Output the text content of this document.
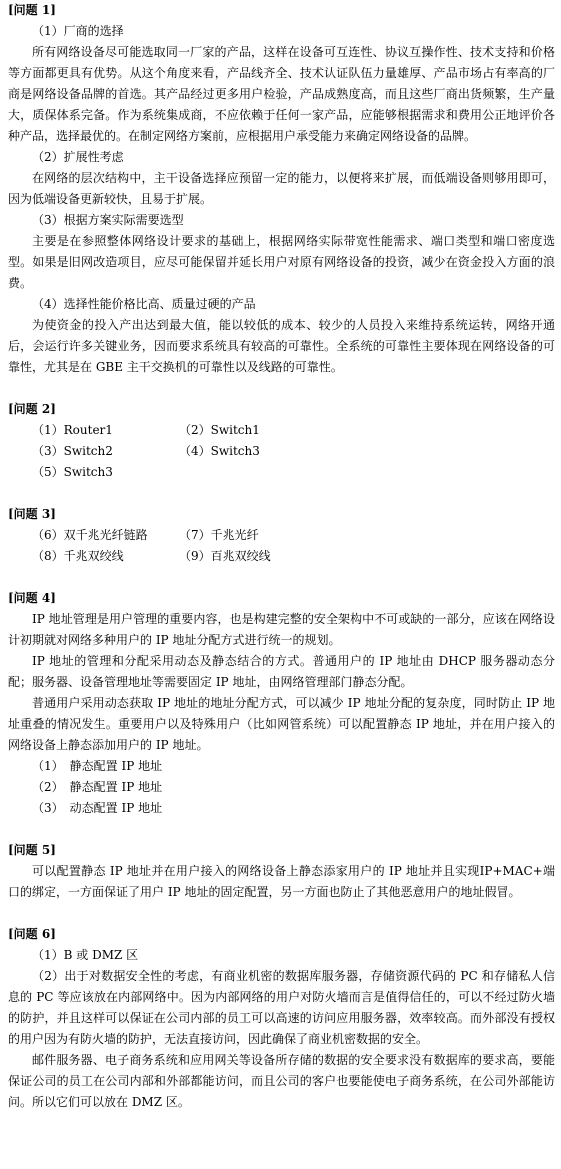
[问题 1]
（1）厂商的选择

所有网络设备尽可能选取同一厂家的产品，这样在设备可互连性、协议互操作性、技术支持和价格等方面都更具有优势。从这个角度来看，产品线齐全、技术认证队伍力量雄厚、产品市场占有率高的厂商是网络设备品牌的首选。其产品经过更多用户检验，产品成熟度高，而且这些厂商出货频繁，生产量大，质保体系完备。作为系统集成商，不应依赖于任何一家产品，应能够根据需求和费用公正地评价各种产品，选择最优的。在制定网络方案前，应根据用户承受能力来确定网络设备的品牌。

（2）扩展性考虑

在网络的层次结构中，主干设备选择应预留一定的能力，以便将来扩展，而低端设备则够用即可，因为低端设备更新较快，且易于扩展。

（3）根据方案实际需要选型

主要是在参照整体网络设计要求的基础上，根据网络实际带宽性能需求、端口类型和端口密度选型。如果是旧网改造项目，应尽可能保留并延长用户对原有网络设备的投资，减少在资金投入方面的浪费。

（4）选择性能价格比高、质量过硬的产品

为使资金的投入产出达到最大值，能以较低的成本、较少的人员投入来维持系统运转，网络开通后，会运行许多关键业务，因而要求系统具有较高的可靠性。全系统的可靠性主要体现在网络设备的可靠性，尤其是在 GBE 主干交换机的可靠性以及线路的可靠性。

[问题 2]
（1）Router1	（2）Switch1
（3）Switch2	（4）Switch3
（5）Switch3
[问题 3]
（6）双千兆光纤链路	（7）千兆光纤
（8）千兆双绞线	（9）百兆双绞线
[问题 4]

IP 地址管理是用户管理的重要内容，也是构建完整的安全架构中不可或缺的一部分，应该在网络设计初期就对网络多种用户的 IP 地址分配方式进行统一的规划。

IP 地址的管理和分配采用动态及静态结合的方式。普通用户的 IP 地址由 DHCP 服务器动态分配；服务器、设备管理地址等需要固定 IP 地址，由网络管理部门静态分配。

普通用户采用动态获取 IP 地址的地址分配方式，可以减少 IP 地址分配的复杂度，同时防止 IP 地址重叠的情况发生。重要用户以及特殊用户（比如网管系统）可以配置静态 IP 地址，并在用户接入的网络设备上静态添加用户的 IP 地址。

（1）　静态配置 IP 地址
（2）　静态配置 IP 地址
（3）　动态配置 IP 地址
[问题 5]

可以配置静态 IP 地址并在用户接入的网络设备上静态添家用户的 IP 地址并且实现IP+MAC+端口的绑定，一方面保证了用户 IP 地址的固定配置，另一方面也防止了其他恶意用户的地址假冒。

[问题 6]
（1）B 或 DMZ 区

（2）出于对数据安全性的考虑，有商业机密的数据库服务器，存储资源代码的 PC 和存储私人信息的 PC 等应该放在内部网络中。因为内部网络的用户对防火墙而言是值得信任的，可以不经过防火墙的防护，并且这样可以保证在公司内部的员工可以高速的访问应用服务器，效率较高。而外部没有授权的用户因为有防火墙的防护，无法直接访问，因此确保了商业机密数据的安全。

邮件服务器、电子商务系统和应用网关等设备所存储的数据的安全要求没有数据库的要求高，要能保证公司的员工在公司内部和外部都能访问，而且公司的客户也要能使电子商务系统，在公司外部能访问。所以它们可以放在 DMZ 区。
